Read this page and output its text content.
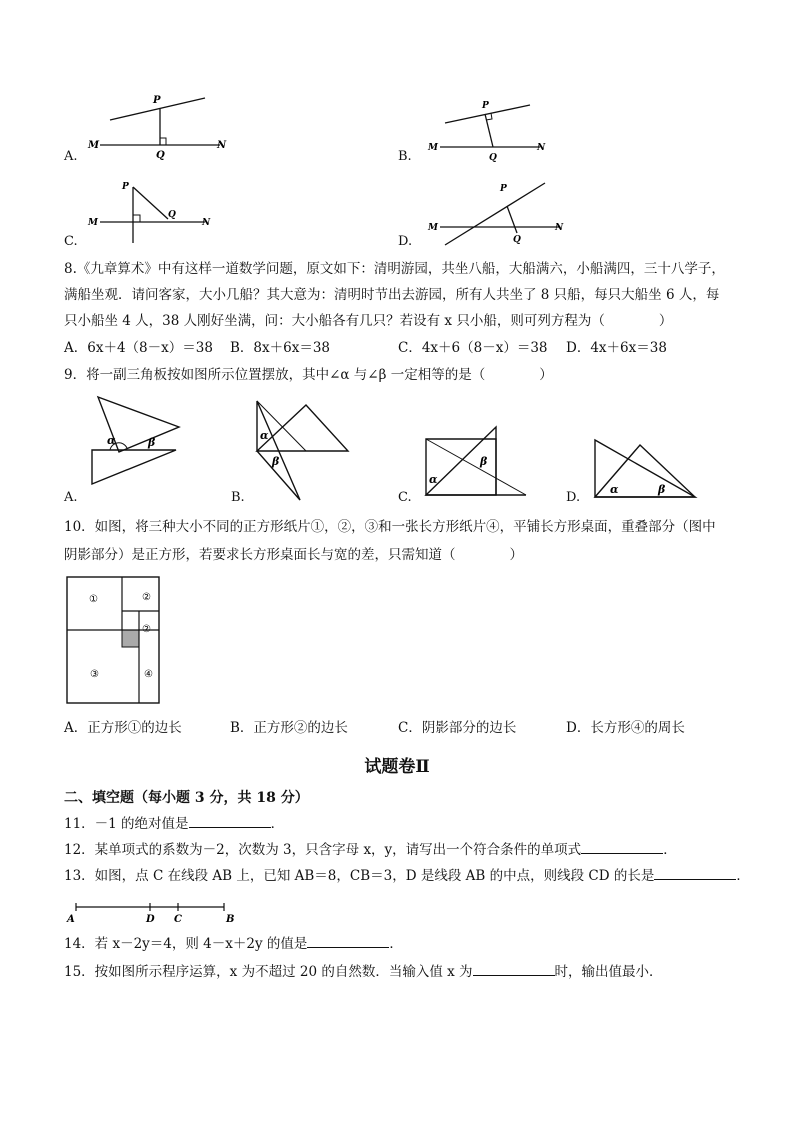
P
M	N
Q
A.
P
M	N
Q
B.
P
M	N
Q
C.
P
M	N
Q
D.
8.《九章算术》中有这样一道数学问题，原文如下：清明游园，共坐八船，大船满六，小船满四，三十八学子，
满船坐观．请问客家，大小几船？其大意为：清明时节出去游园，所有人共坐了 8 只船，每只大船坐 6 人，每
只小船坐 4 人，38 人刚好坐满，问：大小船各有几只？若设有 x 只小船，则可列方程为（　　　　）
A．6x＋4（8－x）＝38 B．8x＋6x＝38	C．4x＋6（8－x）＝38 D．4x＋6x＝38
9．将一副三角板按如图所示位置摆放，其中∠α 与∠β 一定相等的是（　　　　）
α	β
A.
α
β
B.
α
β
C.
α	β
D.
10．如图，将三种大小不同的正方形纸片①，②，③和一张长方形纸片④，平铺长方形桌面，重叠部分（图中
阴影部分）是正方形，若要求长方形桌面长与宽的差，只需知道（　　　　）
①	②
②
③	④
A．正方形①的边长	B．正方形②的边长	C．阴影部分的边长	D．长方形④的周长
试题卷Ⅱ
二、填空题（每小题 3 分，共 18 分）
11．－1 的绝对值是	．
12．某单项式的系数为－2，次数为 3，只含字母 x，y，请写出一个符合条件的单项式	．
13．如图，点 C 在线段 AB 上，已知 AB＝8，CB＝3，D 是线段 AB 的中点，则线段 CD 的长是	．
A	D C	B
14．若 x－2y＝4，则 4－x＋2y 的值是	．
15．按如图所示程序运算，x 为不超过 20 的自然数．当输入值 x 为	时，输出值最小．
